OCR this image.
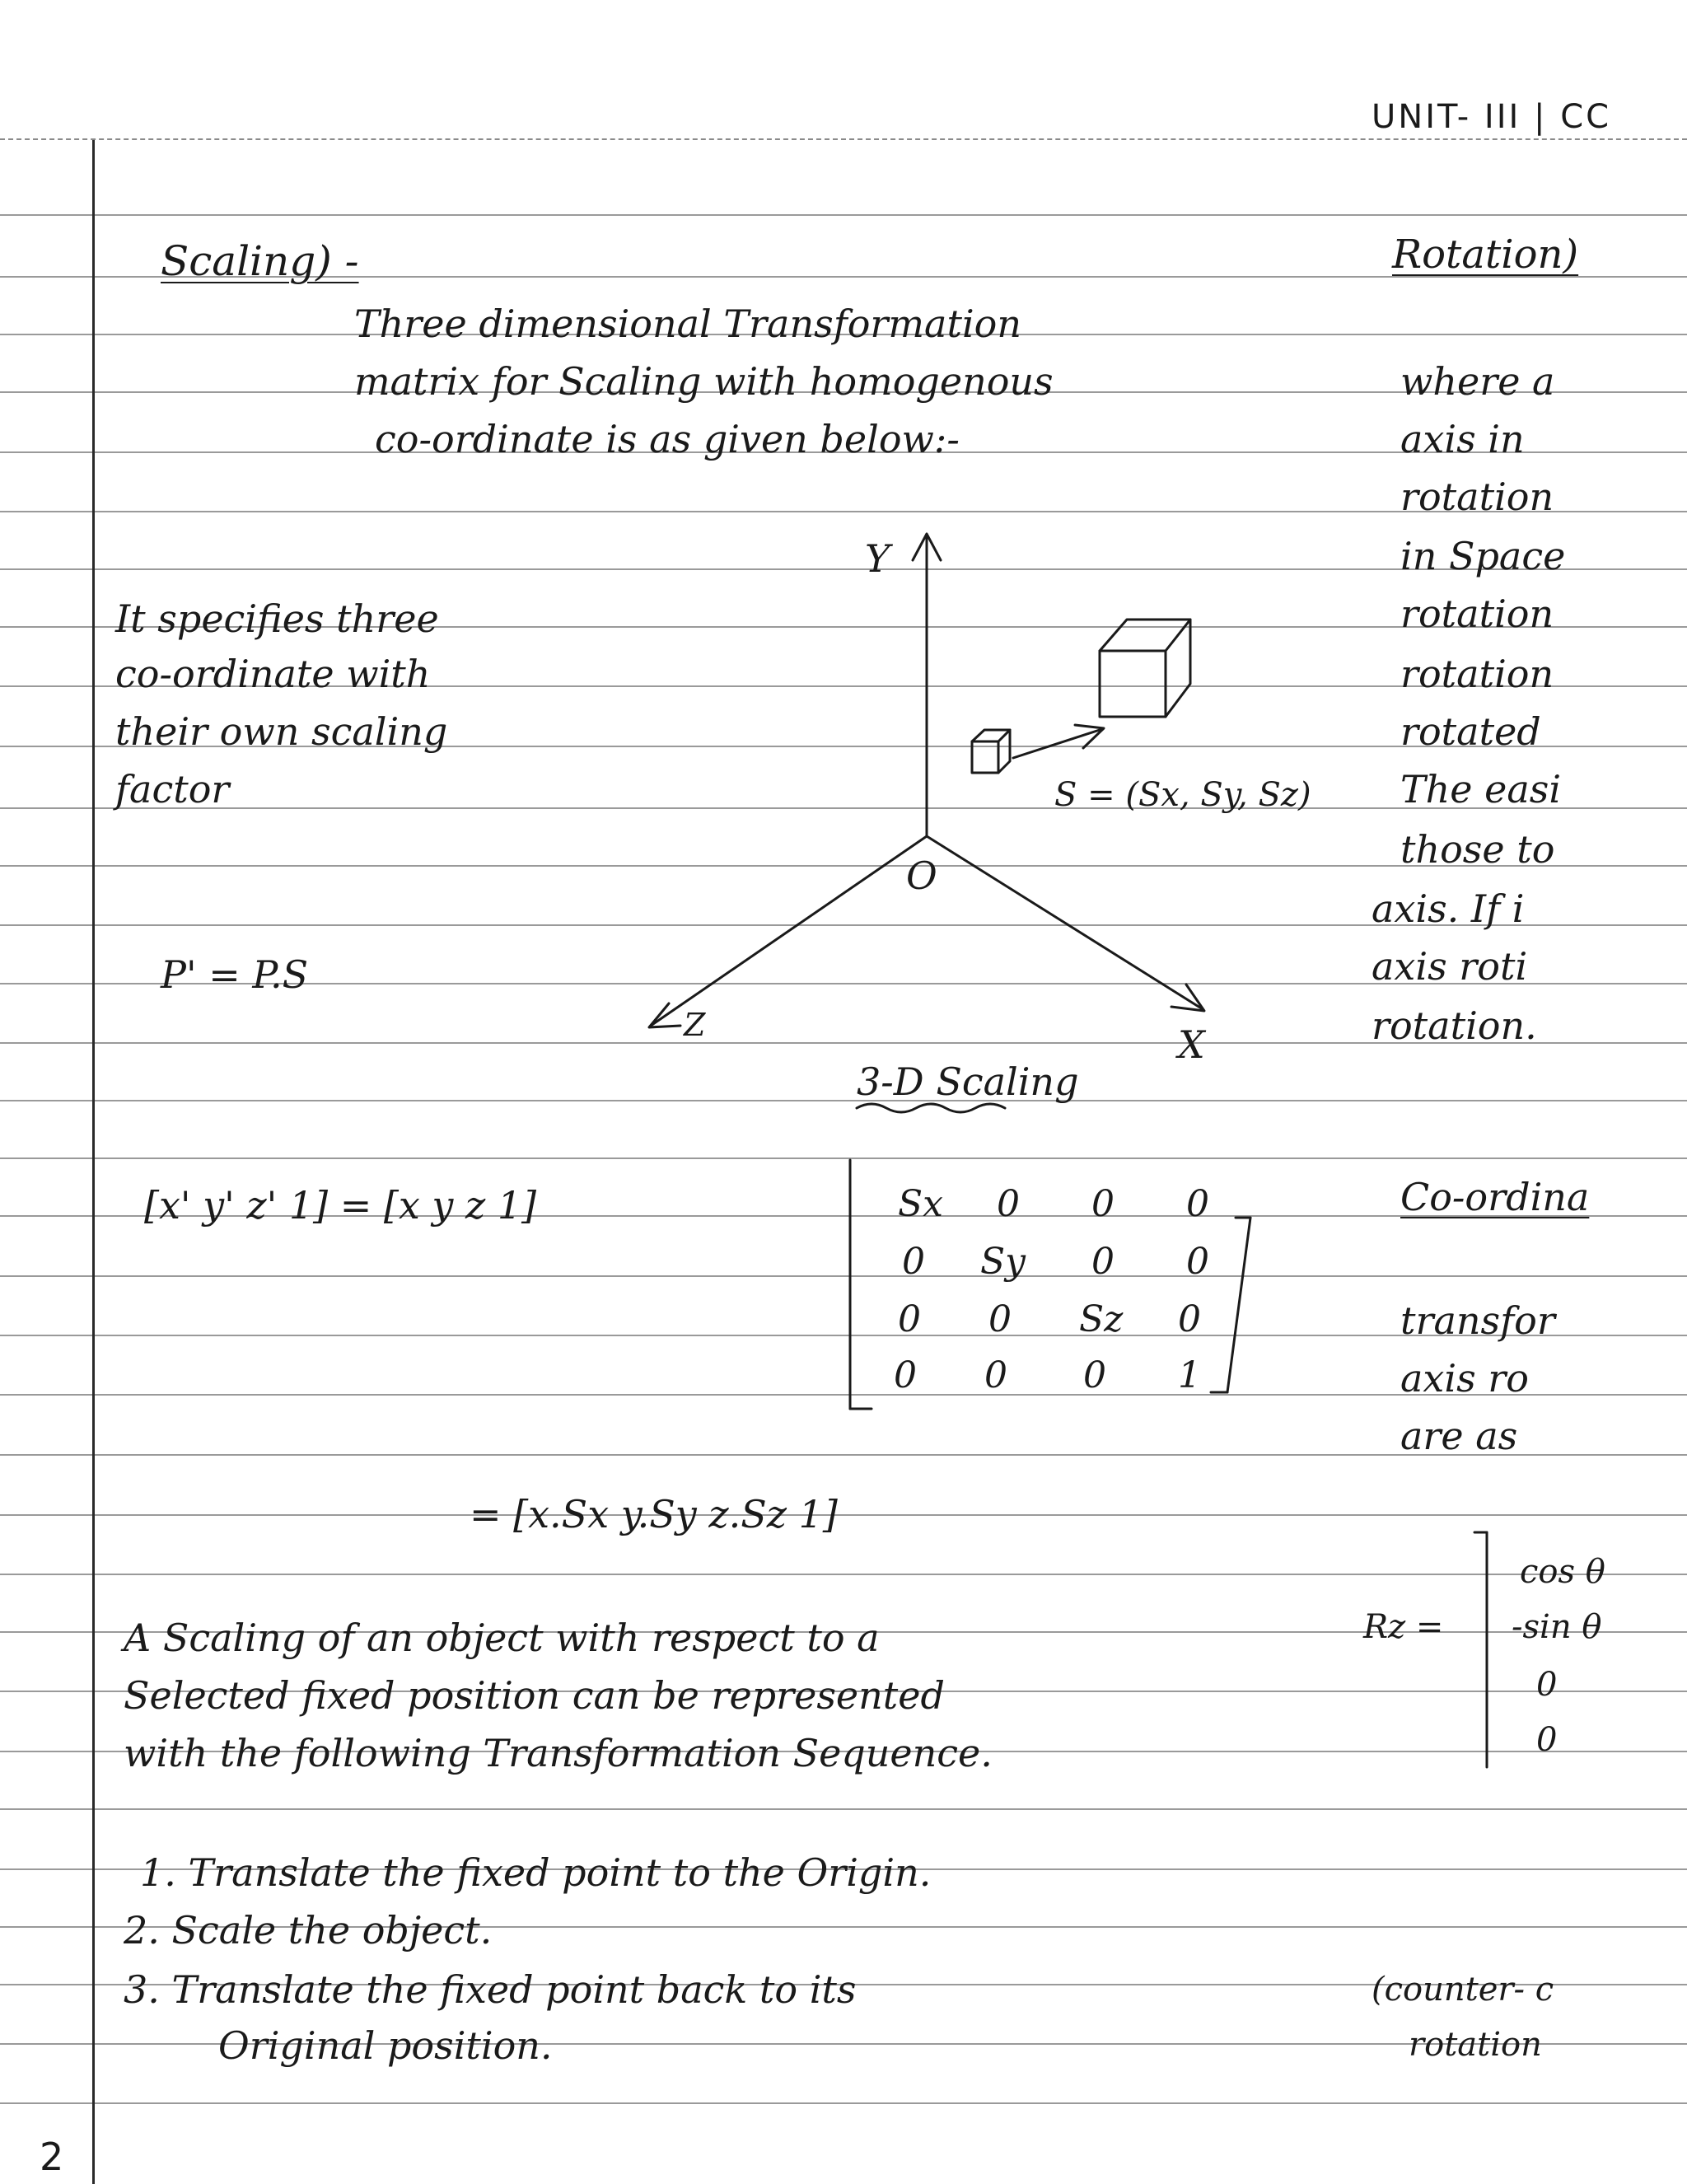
UNIT- III | CC
Scaling) -
Three dimensional Transformation
matrix for Scaling with homogenous
co-ordinate is as given below:-
It specifies three
co-ordinate with
their own scaling
factor
P' = P.S
Y
X
Z
O
S = (Sx, Sy, Sz)
3-D Scaling
[x' y' z' 1] = [x y z 1]	Sx 0 0 0
0 Sy 0 0
0 0 Sz 0
0 0 0 1
= [x.Sx y.Sy z.Sz 1]
A Scaling of an object with respect to a
Selected fixed position can be represented
with the following Transformation Sequence.
1. Translate the fixed point to the Origin.
2. Scale the object.
3. Translate the fixed point back to its
Original position.
Rotation)
where a
axis in
rotation
in Space
rotation
rotation
rotated
The easi
those to
axis. If i
axis roti
rotation.
Co-ordina
transfor
axis ro
are as
Rz =
cos θ
-sin θ
0
0
(counter- c
rotation
2
